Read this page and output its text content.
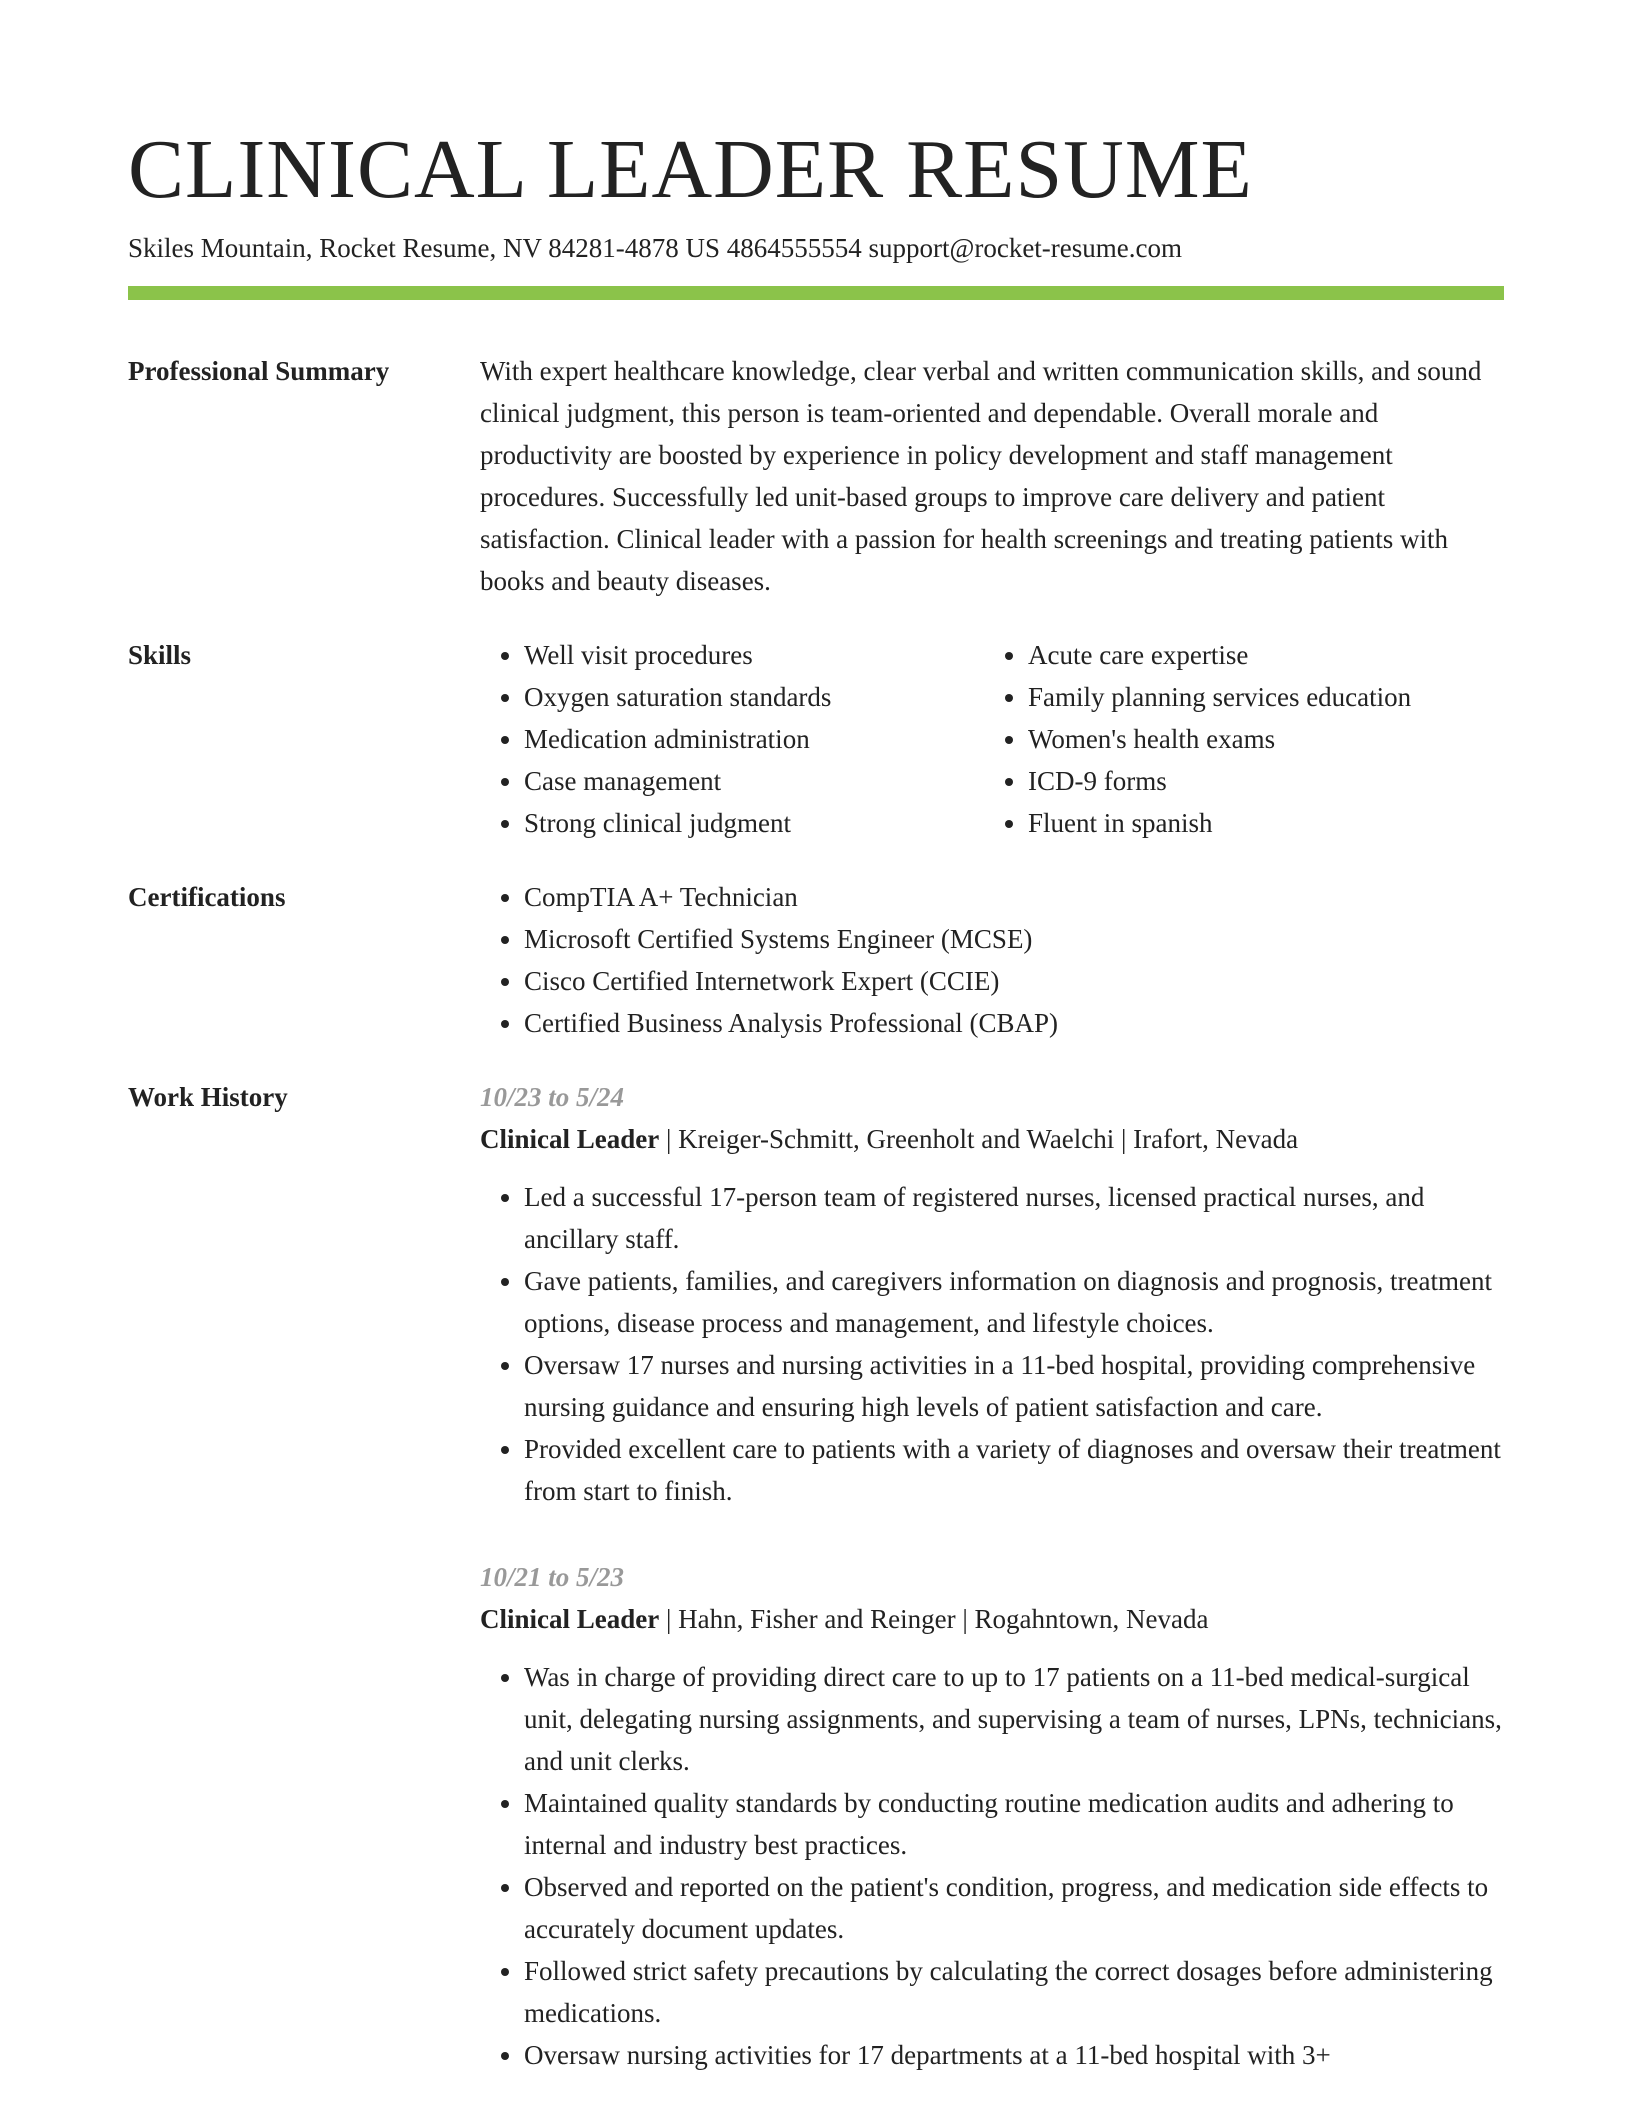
CLINICAL LEADER RESUME
Skiles Mountain, Rocket Resume, NV 84281-4878 US 4864555554 support@rocket-resume.com
Professional Summary	With expert healthcare knowledge, clear verbal and written communication skills, and sound clinical judgment, this person is team-oriented and dependable. Overall morale and productivity are boosted by experience in policy development and staff management procedures. Successfully led unit-based groups to improve care delivery and patient satisfaction. Clinical leader with a passion for health screenings and treating patients with books and beauty diseases.

Skills	• Well visit procedures
• Oxygen saturation standards
• Medication administration
• Case management
• Strong clinical judgment
• Acute care expertise
• Family planning services education
• Women's health exams
• ICD-9 forms
• Fluent in spanish
Certifications	• CompTIA A+ Technician
• Microsoft Certified Systems Engineer (MCSE)
• Cisco Certified Internetwork Expert (CCIE)
• Certified Business Analysis Professional (CBAP)
Work History	10/23 to 5/24
Clinical Leader | Kreiger-Schmitt, Greenholt and Waelchi | Irafort, Nevada
• Led a successful 17-person team of registered nurses, licensed practical nurses, and ancillary staff.
• Gave patients, families, and caregivers information on diagnosis and prognosis, treatment options, disease process and management, and lifestyle choices.
• Oversaw 17 nurses and nursing activities in a 11-bed hospital, providing comprehensive nursing guidance and ensuring high levels of patient satisfaction and care.
• Provided excellent care to patients with a variety of diagnoses and oversaw their treatment from start to finish.
10/21 to 5/23
Clinical Leader | Hahn, Fisher and Reinger | Rogahntown, Nevada
• Was in charge of providing direct care to up to 17 patients on a 11-bed medical-surgical unit, delegating nursing assignments, and supervising a team of nurses, LPNs, technicians, and unit clerks.
• Maintained quality standards by conducting routine medication audits and adhering to internal and industry best practices.
• Observed and reported on the patient's condition, progress, and medication side effects to accurately document updates.
• Followed strict safety precautions by calculating the correct dosages before administering medications.
• Oversaw nursing activities for 17 departments at a 11-bed hospital with 3+
